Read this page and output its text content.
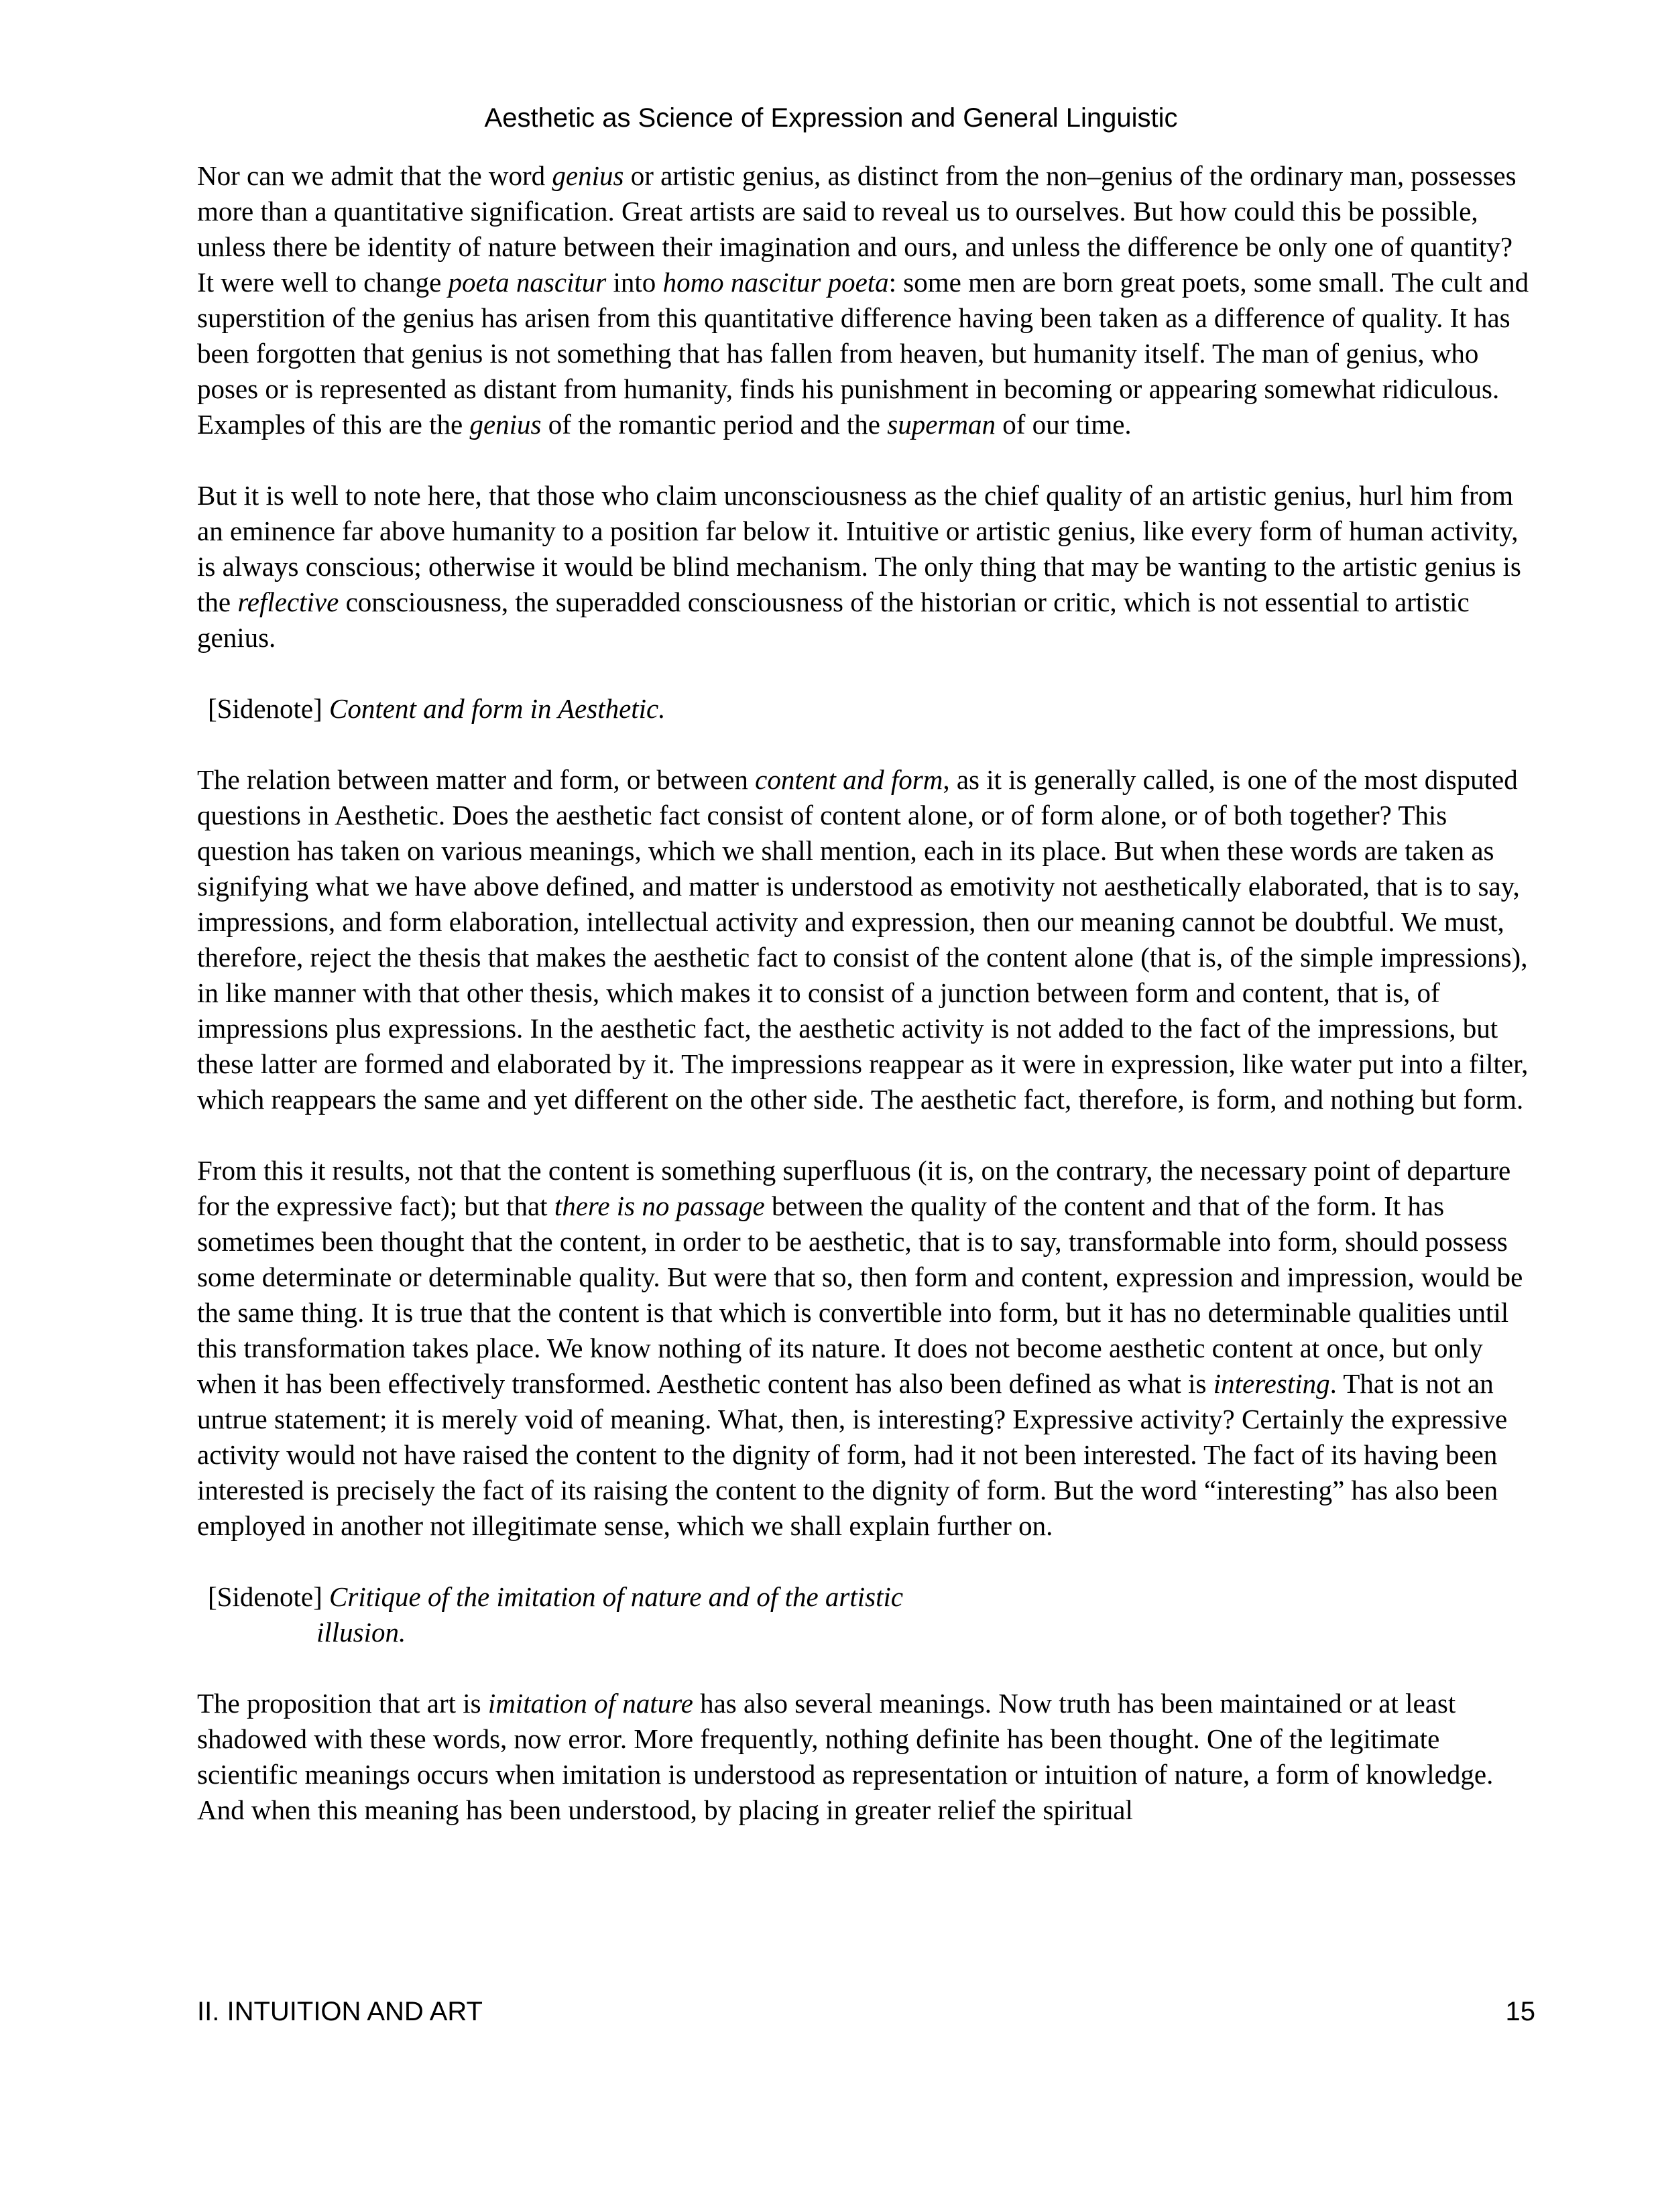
Aesthetic as Science of Expression and General Linguistic

Nor can we admit that the word genius or artistic genius, as distinct from the non–genius of the ordinary man, possesses more than a quantitative signification. Great artists are said to reveal us to ourselves. But how could this be possible, unless there be identity of nature between their imagination and ours, and unless the difference be only one of quantity? It were well to change poeta nascitur into homo nascitur poeta: some men are born great poets, some small. The cult and superstition of the genius has arisen from this quantitative difference having been taken as a difference of quality. It has been forgotten that genius is not something that has fallen from heaven, but humanity itself. The man of genius, who poses or is represented as distant from humanity, finds his punishment in becoming or appearing somewhat ridiculous. Examples of this are the genius of the romantic period and the superman of our time.

But it is well to note here, that those who claim unconsciousness as the chief quality of an artistic genius, hurl him from an eminence far above humanity to a position far below it. Intuitive or artistic genius, like every form of human activity, is always conscious; otherwise it would be blind mechanism. The only thing that may be wanting to the artistic genius is the reflective consciousness, the superadded consciousness of the historian or critic, which is not essential to artistic genius.

[Sidenote] Content and form in Aesthetic.

The relation between matter and form, or between content and form, as it is generally called, is one of the most disputed questions in Aesthetic. Does the aesthetic fact consist of content alone, or of form alone, or of both together? This question has taken on various meanings, which we shall mention, each in its place. But when these words are taken as signifying what we have above defined, and matter is understood as emotivity not aesthetically elaborated, that is to say, impressions, and form elaboration, intellectual activity and expression, then our meaning cannot be doubtful. We must, therefore, reject the thesis that makes the aesthetic fact to consist of the content alone (that is, of the simple impressions), in like manner with that other thesis, which makes it to consist of a junction between form and content, that is, of impressions plus expressions. In the aesthetic fact, the aesthetic activity is not added to the fact of the impressions, but these latter are formed and elaborated by it. The impressions reappear as it were in expression, like water put into a filter, which reappears the same and yet different on the other side. The aesthetic fact, therefore, is form, and nothing but form.

From this it results, not that the content is something superfluous (it is, on the contrary, the necessary point of departure for the expressive fact); but that there is no passage between the quality of the content and that of the form. It has sometimes been thought that the content, in order to be aesthetic, that is to say, transformable into form, should possess some determinate or determinable quality. But were that so, then form and content, expression and impression, would be the same thing. It is true that the content is that which is convertible into form, but it has no determinable qualities until this transformation takes place. We know nothing of its nature. It does not become aesthetic content at once, but only when it has been effectively transformed. Aesthetic content has also been defined as what is interesting. That is not an untrue statement; it is merely void of meaning. What, then, is interesting? Expressive activity? Certainly the expressive activity would not have raised the content to the dignity of form, had it not been interested. The fact of its having been interested is precisely the fact of its raising the content to the dignity of form. But the word “interesting” has also been employed in another not illegitimate sense, which we shall explain further on.

[Sidenote] Critique of the imitation of nature and of the artistic
illusion.

The proposition that art is imitation of nature has also several meanings. Now truth has been maintained or at least shadowed with these words, now error. More frequently, nothing definite has been thought. One of the legitimate scientific meanings occurs when imitation is understood as representation or intuition of nature, a form of knowledge. And when this meaning has been understood, by placing in greater relief the spiritual

II. INTUITION AND ART	15
